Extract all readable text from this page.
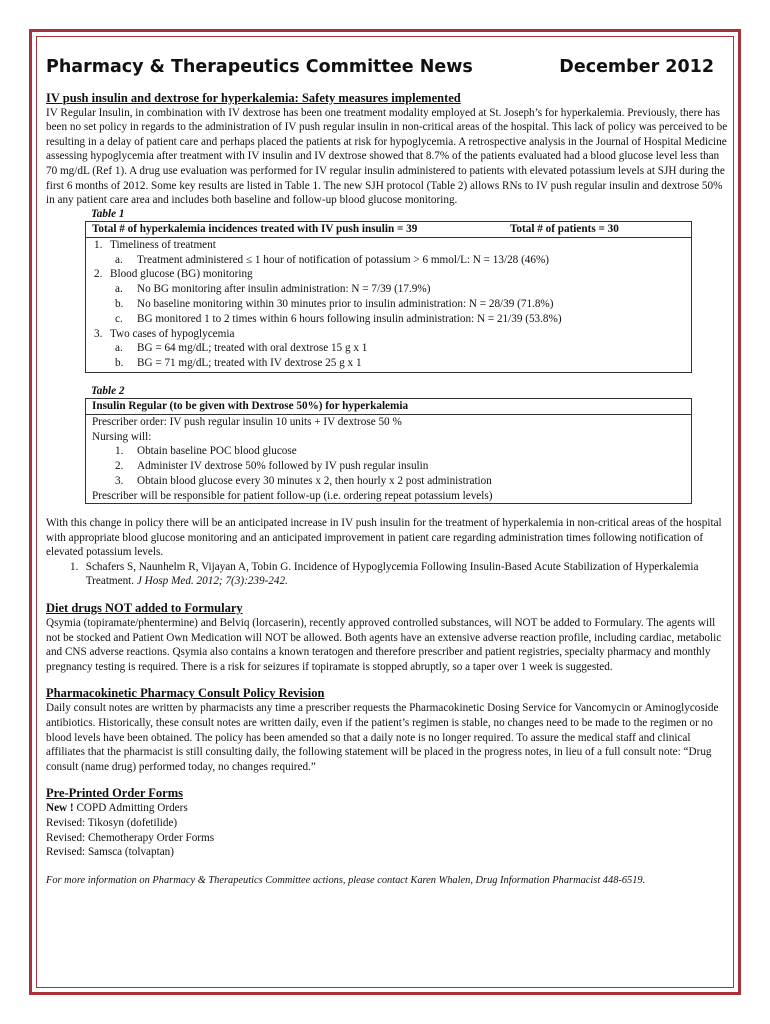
Pharmacy & Therapeutics Committee News	December 2012
IV push insulin and dextrose for hyperkalemia: Safety measures implemented

IV Regular Insulin, in combination with IV dextrose has been one treatment modality employed at St. Joseph’s for hyperkalemia. Previously, there has been no set policy in regards to the administration of IV push regular insulin in non-critical areas of the hospital. This lack of policy was perceived to be resulting in a delay of patient care and perhaps placed the patients at risk for hypoglycemia. A retrospective analysis in the Journal of Hospital Medicine assessing hypoglycemia after treatment with IV insulin and IV dextrose showed that 8.7% of the patients evaluated had a blood glucose level less than 70 mg/dL (Ref 1). A drug use evaluation was performed for IV regular insulin administered to patients with elevated potassium levels at SJH during the first 6 months of 2012. Some key results are listed in Table 1. The new SJH protocol (Table 2) allows RNs to IV push regular insulin and dextrose 50% in any patient care area and includes both baseline and follow-up blood glucose monitoring.

Table 1
Total # of hyperkalemia incidences treated with IV push insulin = 39	Total # of patients = 30
1. Timeliness of treatment
a.	Treatment administered ≤ 1 hour of notification of potassium > 6 mmol/L: N = 13/28 (46%)
2. Blood glucose (BG) monitoring
a.	No BG monitoring after insulin administration: N = 7/39 (17.9%)
b.	No baseline monitoring within 30 minutes prior to insulin administration: N = 28/39 (71.8%)
c.	BG monitored 1 to 2 times within 6 hours following insulin administration: N = 21/39 (53.8%)
3. Two cases of hypoglycemia
a.	BG = 64 mg/dL; treated with oral dextrose 15 g x 1
b.	BG = 71 mg/dL; treated with IV dextrose 25 g x 1
Table 2
Insulin Regular (to be given with Dextrose 50%) for hyperkalemia
Prescriber order: IV push regular insulin 10 units + IV dextrose 50 %
Nursing will:
1.	Obtain baseline POC blood glucose
2.	Administer IV dextrose 50% followed by IV push regular insulin
3.	Obtain blood glucose every 30 minutes x 2, then hourly x 2 post administration
Prescriber will be responsible for patient follow-up (i.e. ordering repeat potassium levels)

With this change in policy there will be an anticipated increase in IV push insulin for the treatment of hyperkalemia in non-critical areas of the hospital with appropriate blood glucose monitoring and an anticipated improvement in patient care regarding administration times following notification of elevated potassium levels.

1. Schafers S, Naunhelm R, Vijayan A, Tobin G. Incidence of Hypoglycemia Following Insulin-Based Acute Stabilization of Hyperkalemia Treatment. J Hosp Med. 2012; 7(3):239-242.
Diet drugs NOT added to Formulary

Qsymia (topiramate/phentermine) and Belviq (lorcaserin), recently approved controlled substances, will NOT be added to Formulary. The agents will not be stocked and Patient Own Medication will NOT be allowed. Both agents have an extensive adverse reaction profile, including cardiac, metabolic and CNS adverse reactions. Qsymia also contains a known teratogen and therefore prescriber and patient registries, specialty pharmacy and monthly pregnancy testing is required. There is a risk for seizures if topiramate is stopped abruptly, so a taper over 1 week is suggested.

Pharmacokinetic Pharmacy Consult Policy Revision

Daily consult notes are written by pharmacists any time a prescriber requests the Pharmacokinetic Dosing Service for Vancomycin or Aminoglycoside antibiotics. Historically, these consult notes are written daily, even if the patient’s regimen is stable, no changes need to be made to the regimen or no blood levels have been obtained. The policy has been amended so that a daily note is no longer required. To assure the medical staff and clinical affiliates that the pharmacist is still consulting daily, the following statement will be placed in the progress notes, in lieu of a full consult note: “Drug consult (name drug) performed today, no changes required.”

Pre-Printed Order Forms
New ! COPD Admitting Orders
Revised: Tikosyn (dofetilide)
Revised: Chemotherapy Order Forms
Revised: Samsca (tolvaptan)
For more information on Pharmacy & Therapeutics Committee actions, please contact Karen Whalen, Drug Information Pharmacist 448-6519.
